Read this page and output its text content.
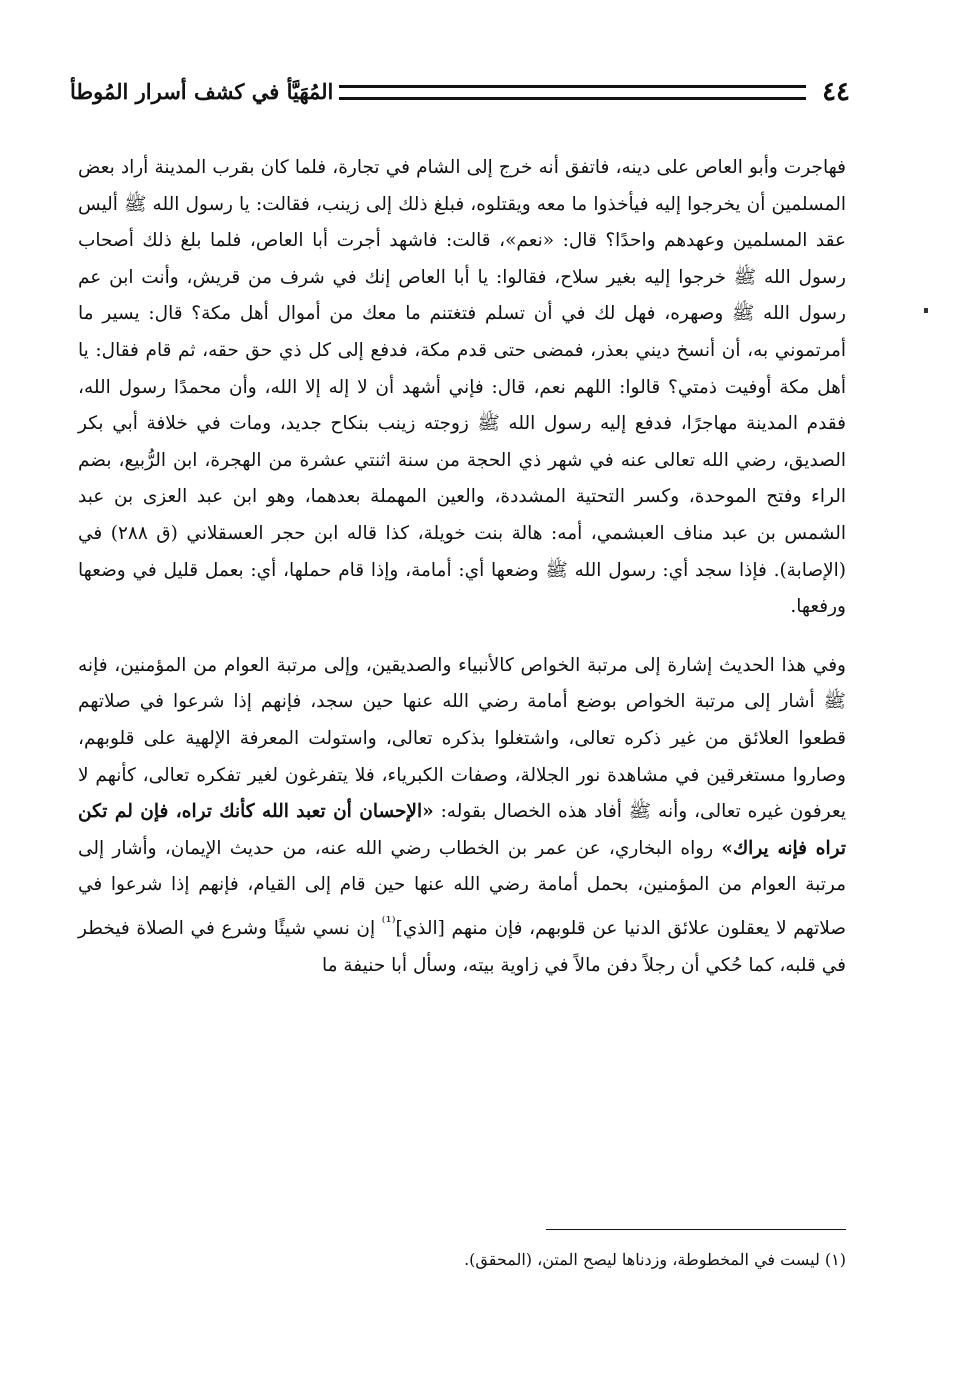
٤٤
المُهَيَّأ في كشف أسرار المُوطأ

فهاجرت وأبو العاص على دينه، فاتفق أنه خرج إلى الشام في تجارة، فلما كان بقرب المدينة أراد بعض المسلمين أن يخرجوا إليه فيأخذوا ما معه ويقتلوه، فبلغ ذلك إلى زينب، فقالت: يا رسول الله ﷺ أليس عقد المسلمين وعهدهم واحدًا؟ قال: «نعم»، قالت: فاشهد أجرت أبا العاص، فلما بلغ ذلك أصحاب رسول الله ﷺ خرجوا إليه بغير سلاح، فقالوا: يا أبا العاص إنك في شرف من قريش، وأنت ابن عم رسول الله ﷺ وصهره، فهل لك في أن تسلم فتغتنم ما معك من أموال أهل مكة؟ قال: يسير ما أمرتموني به، أن أنسخ ديني بعذر، فمضى حتى قدم مكة، فدفع إلى كل ذي حق حقه، ثم قام فقال: يا أهل مكة أوفيت ذمتي؟ قالوا: اللهم نعم، قال: فإني أشهد أن لا إله إلا الله، وأن محمدًا رسول الله، فقدم المدينة مهاجرًا، فدفع إليه رسول الله ﷺ زوجته زينب بنكاح جديد، ومات في خلافة أبي بكر الصديق، رضي الله تعالى عنه في شهر ذي الحجة من سنة اثنتي عشرة من الهجرة، ابن الرُّبيع، بضم الراء وفتح الموحدة، وكسر التحتية المشددة، والعين المهملة بعدهما، وهو ابن عبد العزى بن عبد الشمس بن عبد مناف العبشمي، أمه: هالة بنت خويلة، كذا قاله ابن حجر العسقلاني (ق ٢٨٨) في (الإصابة). فإذا سجد أي: رسول الله ﷺ وضعها أي: أمامة، وإذا قام حملها، أي: بعمل قليل في وضعها ورفعها.

وفي هذا الحديث إشارة إلى مرتبة الخواص كالأنبياء والصديقين، وإلى مرتبة العوام من المؤمنين، فإنه ﷺ أشار إلى مرتبة الخواص بوضع أمامة رضي الله عنها حين سجد، فإنهم إذا شرعوا في صلاتهم قطعوا العلائق من غير ذكره تعالى، واشتغلوا بذكره تعالى، واستولت المعرفة الإلهية على قلوبهم، وصاروا مستغرقين في مشاهدة نور الجلالة، وصفات الكبرياء، فلا يتفرغون لغير تفكره تعالى، كأنهم لا يعرفون غيره تعالى، وأنه ﷺ أفاد هذه الخصال بقوله: «الإحسان أن تعبد الله كأنك تراه، فإن لم تكن تراه فإنه يراك» رواه البخاري، عن عمر بن الخطاب رضي الله عنه، من حديث الإيمان، وأشار إلى مرتبة العوام من المؤمنين، بحمل أمامة رضي الله عنها حين قام إلى القيام، فإنهم إذا شرعوا في صلاتهم لا يعقلون علائق الدنيا عن قلوبهم، فإن منهم [الذي]$^{^{(1)}}$ إن نسي شيئًا وشرع في الصلاة فيخطر في قلبه، كما حُكي أن رجلاً دفن مالاً في زاوية بيته، وسأل أبا حنيفة ما

(١) ليست في المخطوطة، وزدناها ليصح المتن، (المحقق).
